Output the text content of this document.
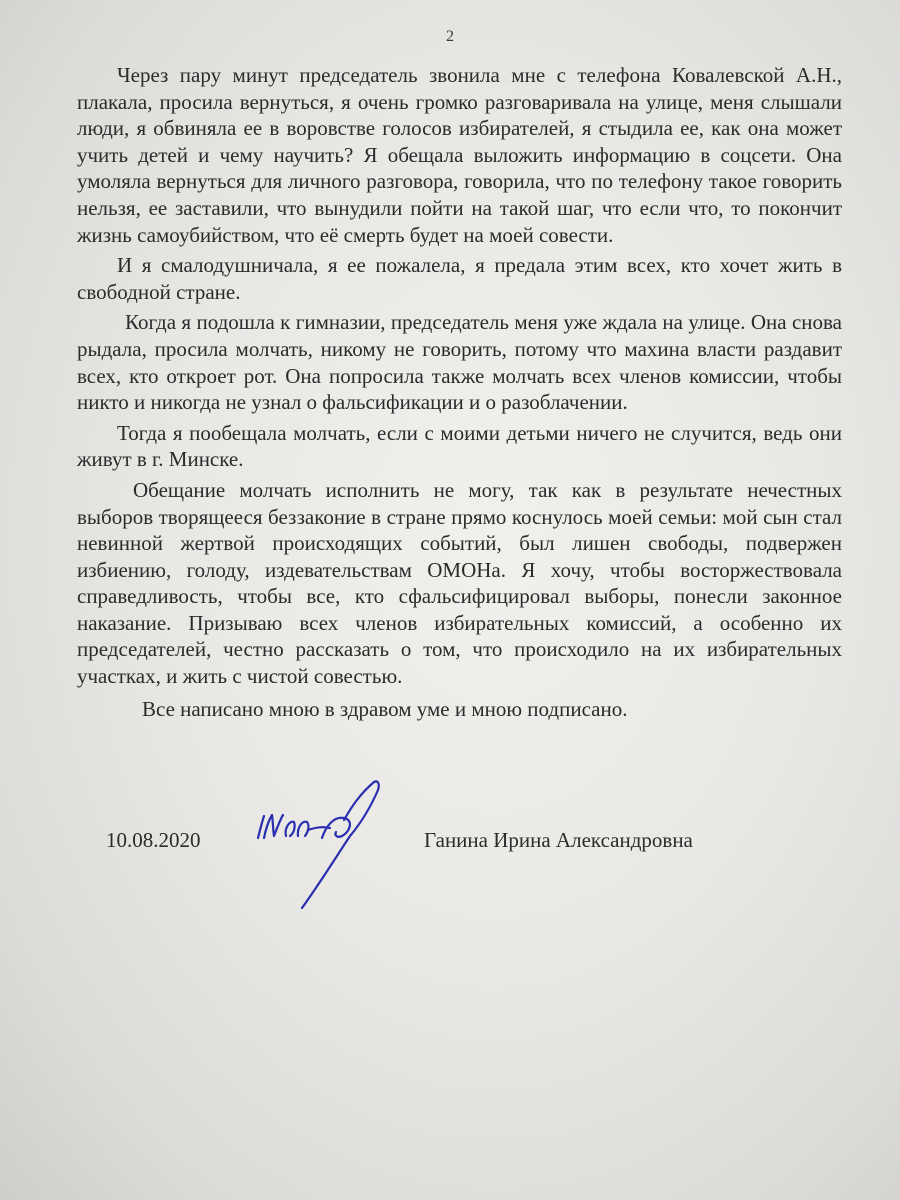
2

Через пару минут председатель звонила мне с телефона Ковалевской А.Н., плакала, просила вернуться, я очень громко разговаривала на улице, меня слышали люди, я обвиняла ее в воровстве голосов избирателей, я стыдила ее, как она может учить детей и чему научить? Я обещала выложить информацию в соцсети. Она умоляла вернуться для личного разговора, говорила, что по телефону такое говорить нельзя, ее заставили, что вынудили пойти на такой шаг, что если что, то покончит жизнь самоубийством, что её смерть будет на моей совести.

И я смалодушничала, я ее пожалела, я предала этим всех, кто хочет жить в свободной стране.

Когда я подошла к гимназии, председатель меня уже ждала на улице. Она снова рыдала, просила молчать, никому не говорить, потому что махина власти раздавит всех, кто откроет рот. Она попросила также молчать всех членов комиссии, чтобы никто и никогда не узнал о фальсификации и о разоблачении.

Тогда я пообещала молчать, если с моими детьми ничего не случится, ведь они живут в г. Минске.

Обещание молчать исполнить не могу, так как в результате нечестных выборов творящееся беззаконие в стране прямо коснулось моей семьи: мой сын стал невинной жертвой происходящих событий, был лишен свободы, подвержен избиению, голоду, издевательствам ОМОНа. Я хочу, чтобы восторжествовала справедливость, чтобы все, кто сфальсифицировал выборы, понесли законное наказание. Призываю всех членов избирательных комиссий, а особенно их председателей, честно рассказать о том, что происходило на их избирательных участках, и жить с чистой совестью.

Все написано мною в здравом уме и мною подписано.

10.08.2020	Ганина Ирина Александровна
